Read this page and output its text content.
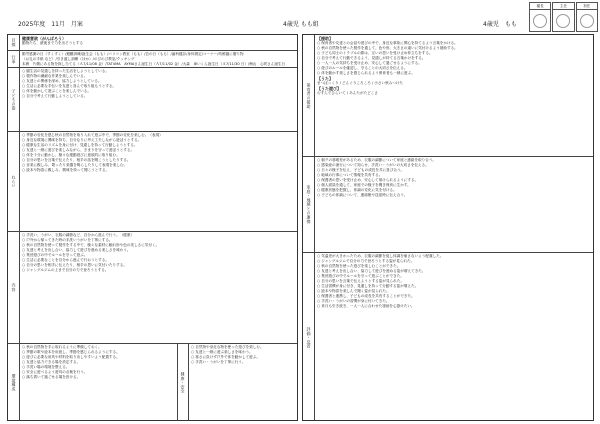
2025年度　11月　月案	4歳児 もも組	4歳児　もも
園長	主任	担任
目標 健康意欲（がんばろう）
動物たち、最後まで力を出そうとする
行事
勤労感謝の日（すくすく）/避難訓練/誕生会（もも）/バリコン教室（もも）/芸の日（もも）/歯科健診/身体測定/コーナー/幼稚園に贈り物
（お礼の手紙 など）/引き渡し訓練（ほか）/のびのび教室/クッキング
本務　片側にある物を探し当てる（Ａ7/11/08 金）/TAT4MA　AYMAさん誕生日（Ａ7/11/02 金）/大森　車いくん誕生日（Ａ7/11/30 日）/梅山　心咲さん誕生日
子どもの姿
○ 園生活の見通しを持った生活をしようとしている。
○ 製作物の繊細な作業を楽しんでいる。
○ 友達との関係を深め、協力しようとしている。
○ 生活に必要な手伝いを友達と喜んで取り組もうとする。
○ 体を動かして遊ぶことを楽しんでいる。
○ 自分で考えて行動しようとしている。
ねらい
○ 季節の変化を感じ秋の自然物を取り入れて遊ぶ中で、季節の変化を楽しむ。（表現）
○ 身近な環境に興味を持ち、自分なりに考え工夫しながら遊ぼうとする。
○ 健康な生活のリズムを身に付け、見通しを持って行動しようとする。
○ 友達と一緒に遊びを楽しみながら、きまりを守って遊ぼうとする。
○ 体を十分に動かし、様々な運動遊びに意欲的に取り組む。
○ 自分の思いを言葉で伝えたり、相手の話を聞こうとしたりする。
○ 音楽に親しみ、歌ったり楽器を鳴らしたりして表現を楽しむ。
○ 絵本や物語に親しみ、興味を持って聞こうとする。
内容
○ 手洗い、うがい、衣服の調節など、自分から進んで行う。（健康）
○ 戸外から帰ってきた時の手洗いうがいを丁寧にする。
○ 秋の自然物を使って製作をする中で、様々な素材に触れ形や色の美しさに気付く。
○ 友達と考えを出し合い、協力して遊びを進める楽しさを味わう。
○ 集団遊びの中でルールを守って遊ぶ。
○ 生活に必要なことを自分から進んで行おうとする。
○ 自分の思いを相手に伝えたり、相手の思いに気付いたりする。
○ ジャングルジムの上まで自分の力で登ろうとする。
環境構成
○ 秋の自然物を手に取れるように準備しておく。
○ 季節の歌や絵本を用意し、季節を感じられるようにする。
○ 遊びに必要な用具や材料を取り出しやすいよう配置する。
○ 友達と協力できる場を設定する。
○ 手洗い場の環境を整える。
○ 安全に遊べるよう遊具の点検を行う。
○ 落ち着いて過ごせる場を設ける。	健康・安全
○ 自然物や身近な物を使った遊びを楽しむ。
○ 友達と一緒に遊ぶ楽しさを味わう。
○ 寒さに負けず戸外で体を動かして遊ぶ。
○ 手洗い・うがいを丁寧に行う。
保育者の援助
【援助】
○ 保育者や友達との会話や遊びの中で、身近な事象に関心を持てるよう言葉をかける。
○ 秋の自然物を使った製作を通して、色や形、大きさの違いに気付けるよう援助する。
○ 子ども同士のトラブルの際は、互いの思いを受け止め仲立ちをする。
○ 自分で考えて行動できるよう、見通しが持てる言葉かけをする。
○ 一人一人の気持ちを受け止め、安心して過ごせるようにする。
○ 遊びのルールを確認し、守ることの大切さを伝える。
○ 体を動かす楽しさを感じられるよう保育者も一緒に遊ぶ。
【うた】
まつぼっくり / どんぐりころころ / 小さい秋みつけた
【うた遊び】
むすんでひらいて / あんたがたどこさ
家庭・地域との連携
○ 朝夕の寒暖差があるため、衣服の調節について家庭と連絡を取り合う。
○ 感染症の流行について知らせ、手洗い・うがいの大切さを伝える。
○ 日々の様子を伝え、子どもの成長を共に喜び合う。
○ 地域の行事について情報を共有する。
○ 保護者の思いを受け止め、安心して預けられるようにする。
○ 個人面談を通して、家庭での様子を聞き保育に生かす。
○ 健康状態を把握し、体調の変化に気を付ける。
○ 子どもの体調について、連絡帳や送迎時に伝え合う。
評価・反省
○ 気温差が大きかったため、衣服の調節を促し体調を崩さないよう配慮した。
○ ジャングルジムで自分の力で登ろうとする姿が見られた。
○ 秋の自然物を使った遊びを楽しむことができた。
○ 友達と考えを出し合い、協力して遊びを進める姿が増えてきた。
○ 集団遊びの中でルールを守って遊ぶことができた。
○ 自分の思いを言葉で伝えようとする姿が見られた。
○ 生活習慣が身に付き、見通しを持って行動する姿が増えた。
○ 絵本や物語を楽しんで聞く姿が見られた。
○ 保護者と連携し、子どもの成長を共有することができた。
○ 手洗い・うがいの習慣が身に付いてきた。
○ 来月も引き続き、一人一人に合わせた援助を心掛けたい。
